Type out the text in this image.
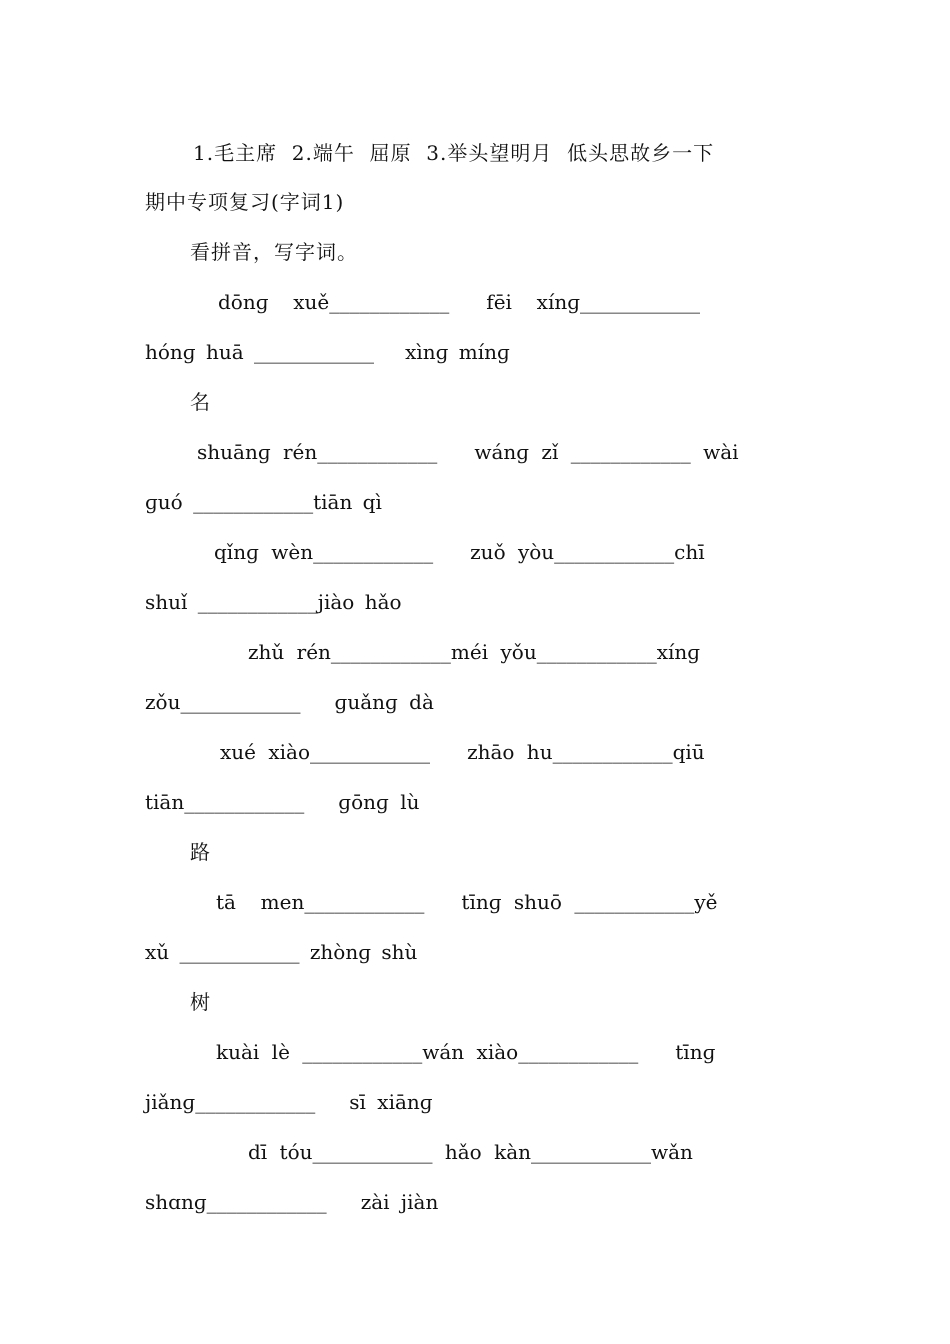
1.毛主席  2.端午  屈原  3.举头望明月  低头思故乡一下
期中专项复习(字词1)
看拼音，写字词。
dōnɡ  xuě____________   fēi  xínɡ____________
hónɡ huā ____________   xìnɡ mínɡ
名
shuānɡ rén____________   wánɡ zǐ ____________ wài
ɡuó ____________tiān qì
qǐnɡ wèn____________   zuǒ yòu____________chī
shuǐ ____________jiào hǎo
zhǔ rén____________méi yǒu____________xínɡ
zǒu____________   ɡuǎnɡ dà
xué xiào____________   zhāo hu____________qiū
tiān____________   ɡōnɡ lù
路
tā  men____________   tīnɡ shuō ____________yě
xǔ ____________ zhònɡ shù
树
kuài lè ____________wán xiào____________   tīnɡ
jiǎnɡ____________   sī xiānɡ
dī tóu____________ hǎo kàn____________wǎn
shɑnɡ____________   zài jiàn
